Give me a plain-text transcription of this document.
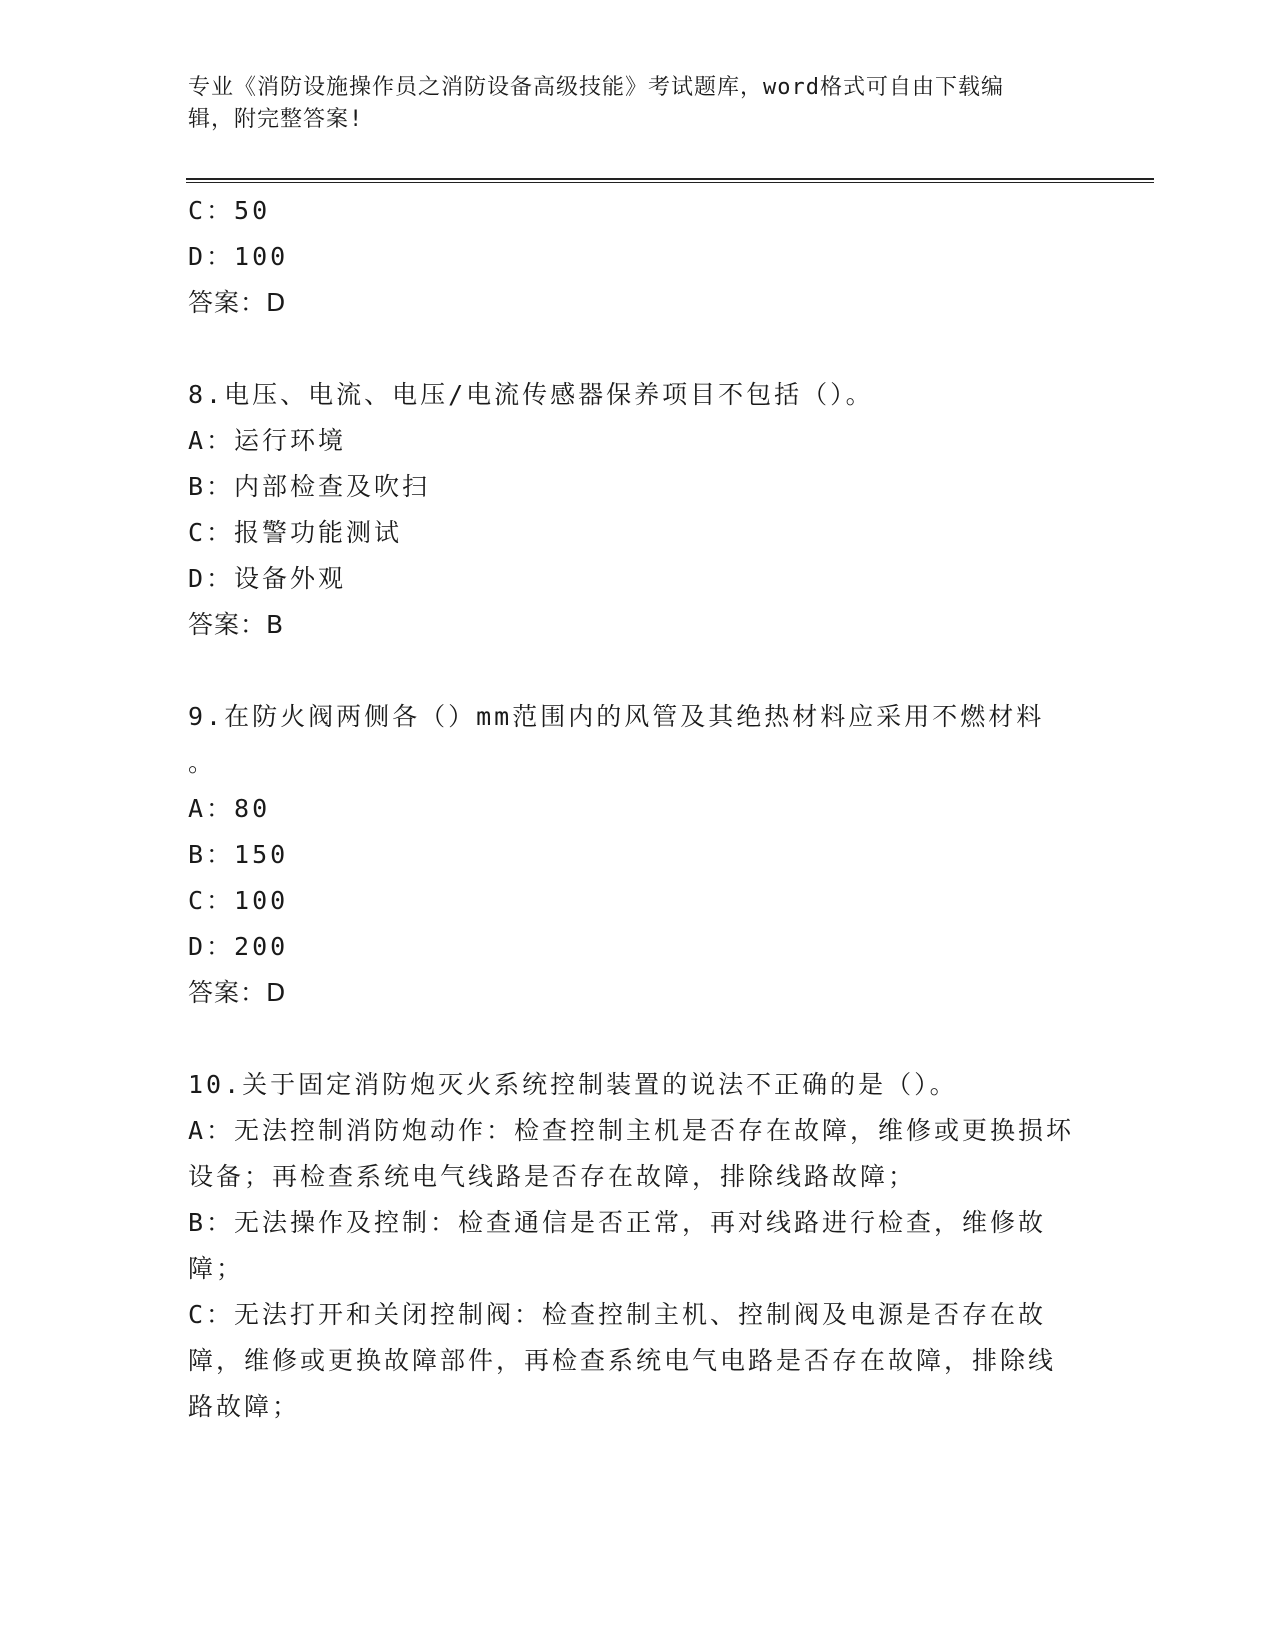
专业《消防设施操作员之消防设备高级技能》考试题库，word格式可自由下载编
辑，附完整答案!
C：50
D：100
答案：D
8.电压、电流、电压/电流传感器保养项目不包括（）。
A：运行环境
B：内部检查及吹扫
C：报警功能测试
D：设备外观
答案：B
9.在防火阀两侧各（）mm范围内的风管及其绝热材料应采用不燃材料
。
A：80
B：150
C：100
D：200
答案：D
10.关于固定消防炮灭火系统控制装置的说法不正确的是（）。
A：无法控制消防炮动作：检查控制主机是否存在故障，维修或更换损坏设备；再检查系统电气线路是否存在故障，排除线路故障；
B：无法操作及控制：检查通信是否正常，再对线路进行检查，维修故障；
C：无法打开和关闭控制阀：检查控制主机、控制阀及电源是否存在故障，维修或更换故障部件，再检查系统电气电路是否存在故障，排除线路故障；
